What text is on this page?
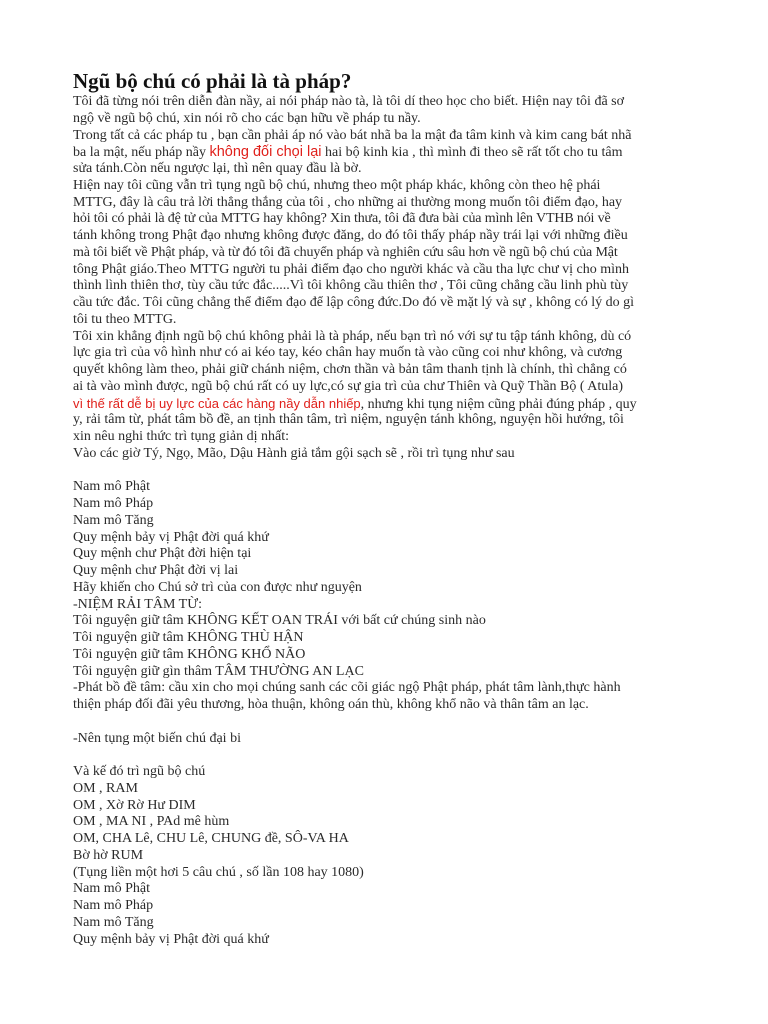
Ngũ bộ chú có phải là tà pháp?
Tôi đã từng nói trên diễn đàn nầy, ai nói pháp nào tà, là tôi dí theo học cho biết. Hiện nay tôi đã sơ
ngộ về ngũ bộ chú, xin nói rõ cho các bạn hữu về pháp tu nầy.
Trong tất cả các pháp tu , bạn cần phải áp nó vào bát nhã ba la mật đa tâm kinh và kim cang bát nhã
ba la mật, nếu pháp nầy không đối chọi lại hai bộ kinh kia , thì mình đi theo sẽ rất tốt cho tu tâm
sửa tánh.Còn nếu ngược lại, thì nên quay đầu là bờ.
Hiện nay tôi cũng vẫn trì tụng ngũ bộ chú, nhưng theo một pháp khác, không còn theo hệ phái
MTTG, đây là câu trả lời thẳng thắng của tôi , cho những ai thường mong muốn tôi điểm đạo, hay
hỏi tôi có phải là đệ tử của MTTG hay không? Xin thưa, tôi đã đưa bài của mình lên VTHB nói về
tánh không trong Phật đạo nhưng không được đăng, do đó tôi thấy pháp nầy trái lại với những điều
mà tôi biết về Phật pháp, và từ đó tôi đã chuyển pháp và nghiên cứu sâu hơn về ngũ bộ chú của Mật
tông Phật giáo.Theo MTTG người tu phải điểm đạo cho người khác và cầu tha lực chư vị cho mình
thình lình thiên thơ, tùy cầu tức đắc.....Vì tôi không cầu thiên thơ , Tôi cũng chẳng cầu linh phù tùy
cầu tức đắc. Tôi cũng chẳng thể điểm đạo để lập công đức.Do đó về mặt lý và sự , không có lý do gì
tôi tu theo MTTG.
Tôi xin khẳng định ngũ bộ chú không phải là tà pháp, nếu bạn trì nó với sự tu tập tánh không, dù có
lực gia trì của vô hình như có ai kéo tay, kéo chân hay muốn tà vào cũng coi như không, và cương
quyết không làm theo, phải giữ chánh niệm, chơn thần và bản tâm thanh tịnh là chính, thì chẳng có
ai tà vào mình được, ngũ bộ chú rất có uy lực,có sự gia trì của chư Thiên và Quỹ Thần Bộ ( Atula)
vì thế rất dễ bị uy lực của các hàng nầy dẫn nhiếp, nhưng khi tụng niệm cũng phải đúng pháp , quy
y, rải tâm từ, phát tâm bồ đề, an tịnh thân tâm, trì niệm, nguyện tánh không, nguyện hồi hướng, tôi
xin nêu nghi thức trì tụng giản dị nhất:
Vào các giờ Tý, Ngọ, Mão, Dậu Hành giả tắm gội sạch sẽ , rồi trì tụng như sau
Nam mô Phật
Nam mô Pháp
Nam mô Tăng
Quy mệnh bảy vị Phật đời quá khứ
Quy mệnh chư Phật đời hiện tại
Quy mệnh chư Phật đời vị lai
Hãy khiến cho Chú sở trì của con được như nguyện
-NIỆM RẢI TÂM TỪ:
Tôi nguyện giữ tâm KHÔNG KẾT OAN TRÁI với bất cứ chúng sinh nào
Tôi nguyện giữ tâm KHÔNG THÙ HẬN
Tôi nguyện giữ tâm KHÔNG KHỔ NÃO
Tôi nguyện giữ gìn thâm TÂM THƯỜNG AN LẠC
-Phát bồ đề tâm: cầu xin cho mọi chúng sanh các cõi giác ngộ Phật pháp, phát tâm lành,thực hành
thiện pháp đối đãi yêu thương, hòa thuận, không oán thù, không khổ não và thân tâm an lạc.
-Nên tụng một biến chú đại bi
Và kế đó trì ngũ bộ chú
OM , RAM
OM , Xờ Rờ Hư DIM
OM , MA NI , PAd mê hùm
OM, CHA Lê, CHU Lê, CHUNG đề, SÔ-VA HA
Bờ hờ RUM
(Tụng liền một hơi 5 câu chú , số lần 108 hay 1080)
Nam mô Phật
Nam mô Pháp
Nam mô Tăng
Quy mệnh bảy vị Phật đời quá khứ
